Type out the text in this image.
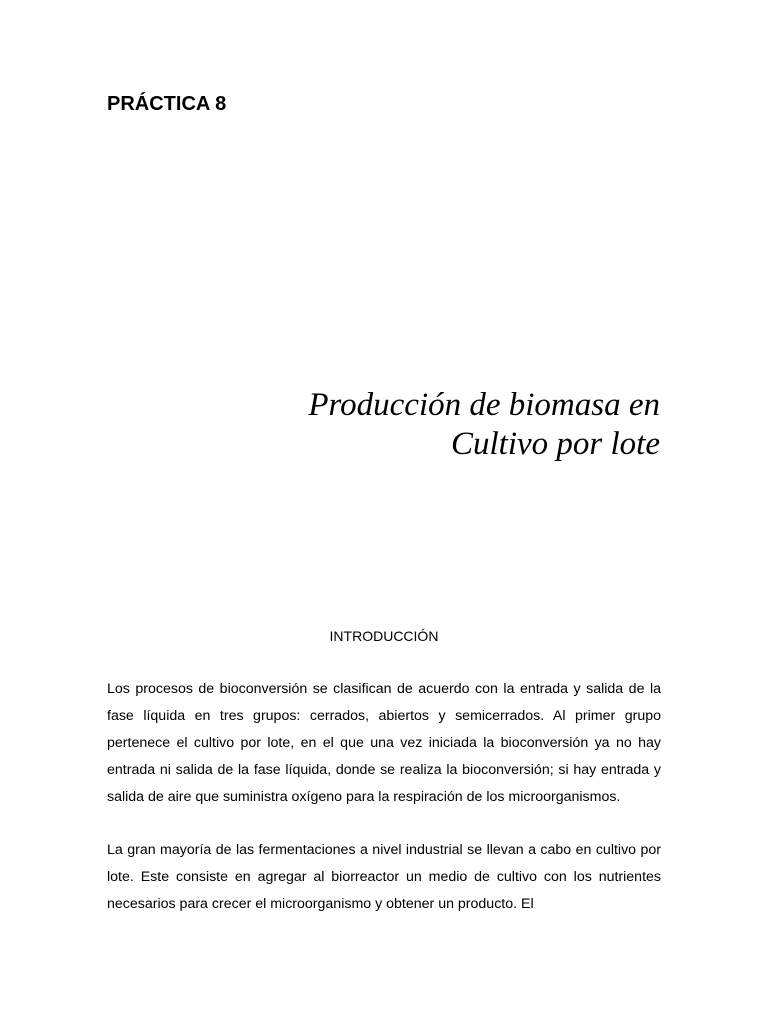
PRÁCTICA 8
Producción de biomasa en
Cultivo por lote
INTRODUCCIÓN

Los procesos de bioconversión se clasifican de acuerdo con la entrada y salida de la fase líquida en tres grupos: cerrados, abiertos y semicerrados. Al primer grupo pertenece el cultivo por lote, en el que una vez iniciada la bioconversión ya no hay entrada ni salida de la fase líquida, donde se realiza la bioconversión; si hay entrada y salida de aire que suministra oxígeno para la respiración de los microorganismos.

La gran mayoría de las fermentaciones a nivel industrial se llevan a cabo en cultivo por lote. Este consiste en agregar al biorreactor un medio de cultivo con los nutrientes necesarios para crecer el microorganismo y obtener un producto. El
